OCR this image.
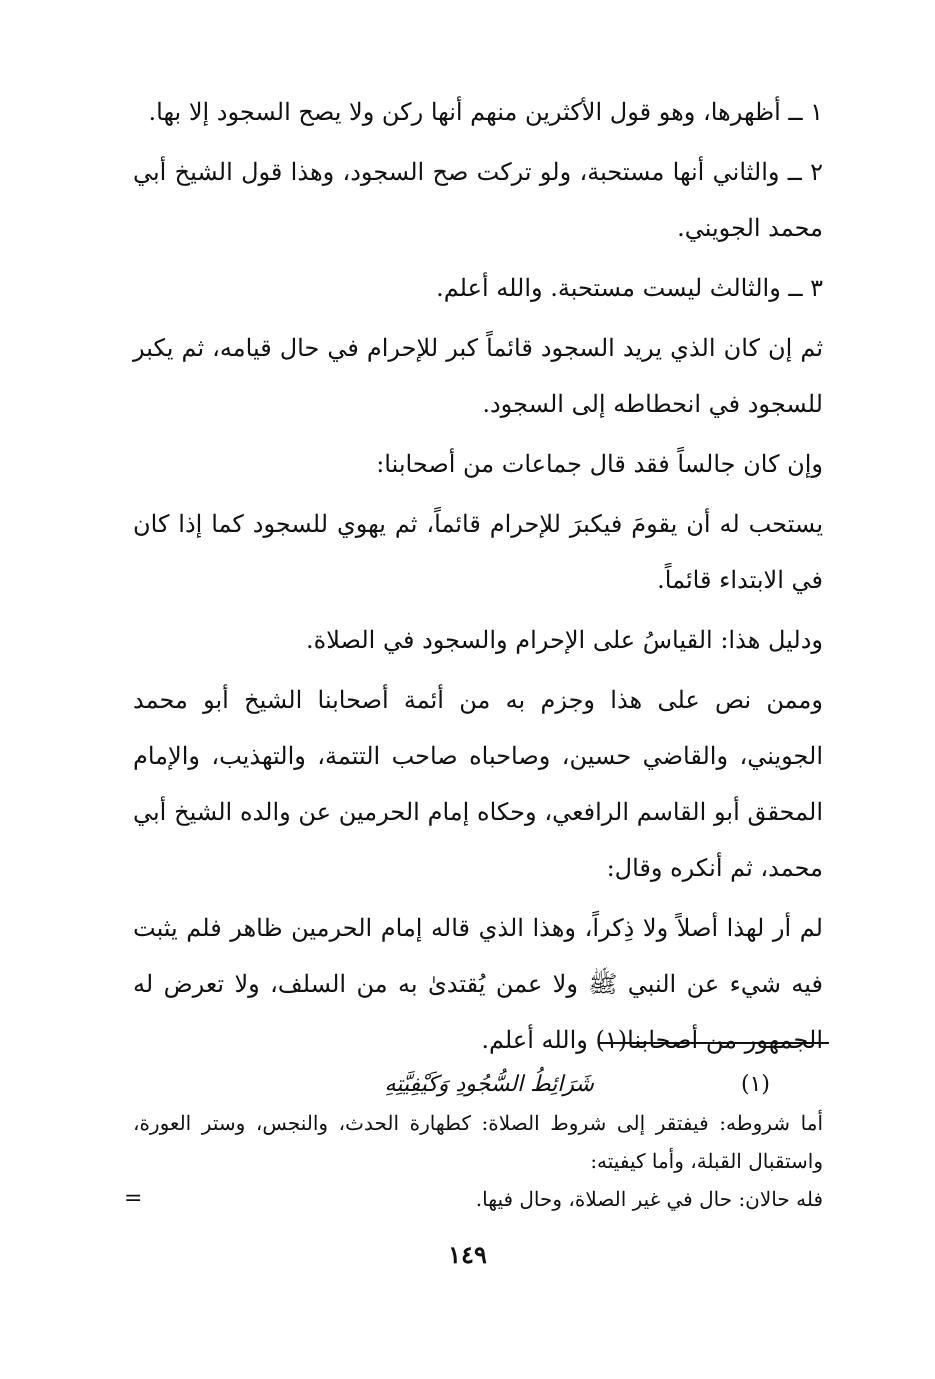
١ ــ أظهرها، وهو قول الأكثرين منهم أنها ركن ولا يصح السجود إلا بها.

٢ ــ والثاني أنها مستحبة، ولو تركت صح السجود، وهذا قول الشيخ أبي محمد الجويني.

٣ ــ والثالث ليست مستحبة. والله أعلم.

ثم إن كان الذي يريد السجود قائماً كبر للإحرام في حال قيامه، ثم يكبر للسجود في انحطاطه إلى السجود.

وإن كان جالساً فقد قال جماعات من أصحابنا:

يستحب له أن يقومَ فيكبرَ للإحرام قائماً، ثم يهوي للسجود كما إذا كان في الابتداء قائماً.

ودليل هذا: القياسُ على الإحرام والسجود في الصلاة.

وممن نص على هذا وجزم به من أئمة أصحابنا الشيخ أبو محمد الجويني، والقاضي حسين، وصاحباه صاحب التتمة، والتهذيب، والإمام المحقق أبو القاسم الرافعي، وحكاه إمام الحرمين عن والده الشيخ أبي محمد، ثم أنكره وقال:

لم أر لهذا أصلاً ولا ذِكراً، وهذا الذي قاله إمام الحرمين ظاهر فلم يثبت فيه شيء عن النبي ﷺ ولا عمن يُقتدىٰ به من السلف، ولا تعرض له الجمهور من أصحابنا(١) والله أعلم.

(١) شَرَائِطُ السُّجُودِ وَكَيْفِيَّتِهِ

أما شروطه: فيفتقر إلى شروط الصلاة: كطهارة الحدث، والنجس، وستر العورة، واستقبال القبلة، وأما كيفيته:

فله حالان: حال في غير الصلاة، وحال فيها.

=
١٤٩
